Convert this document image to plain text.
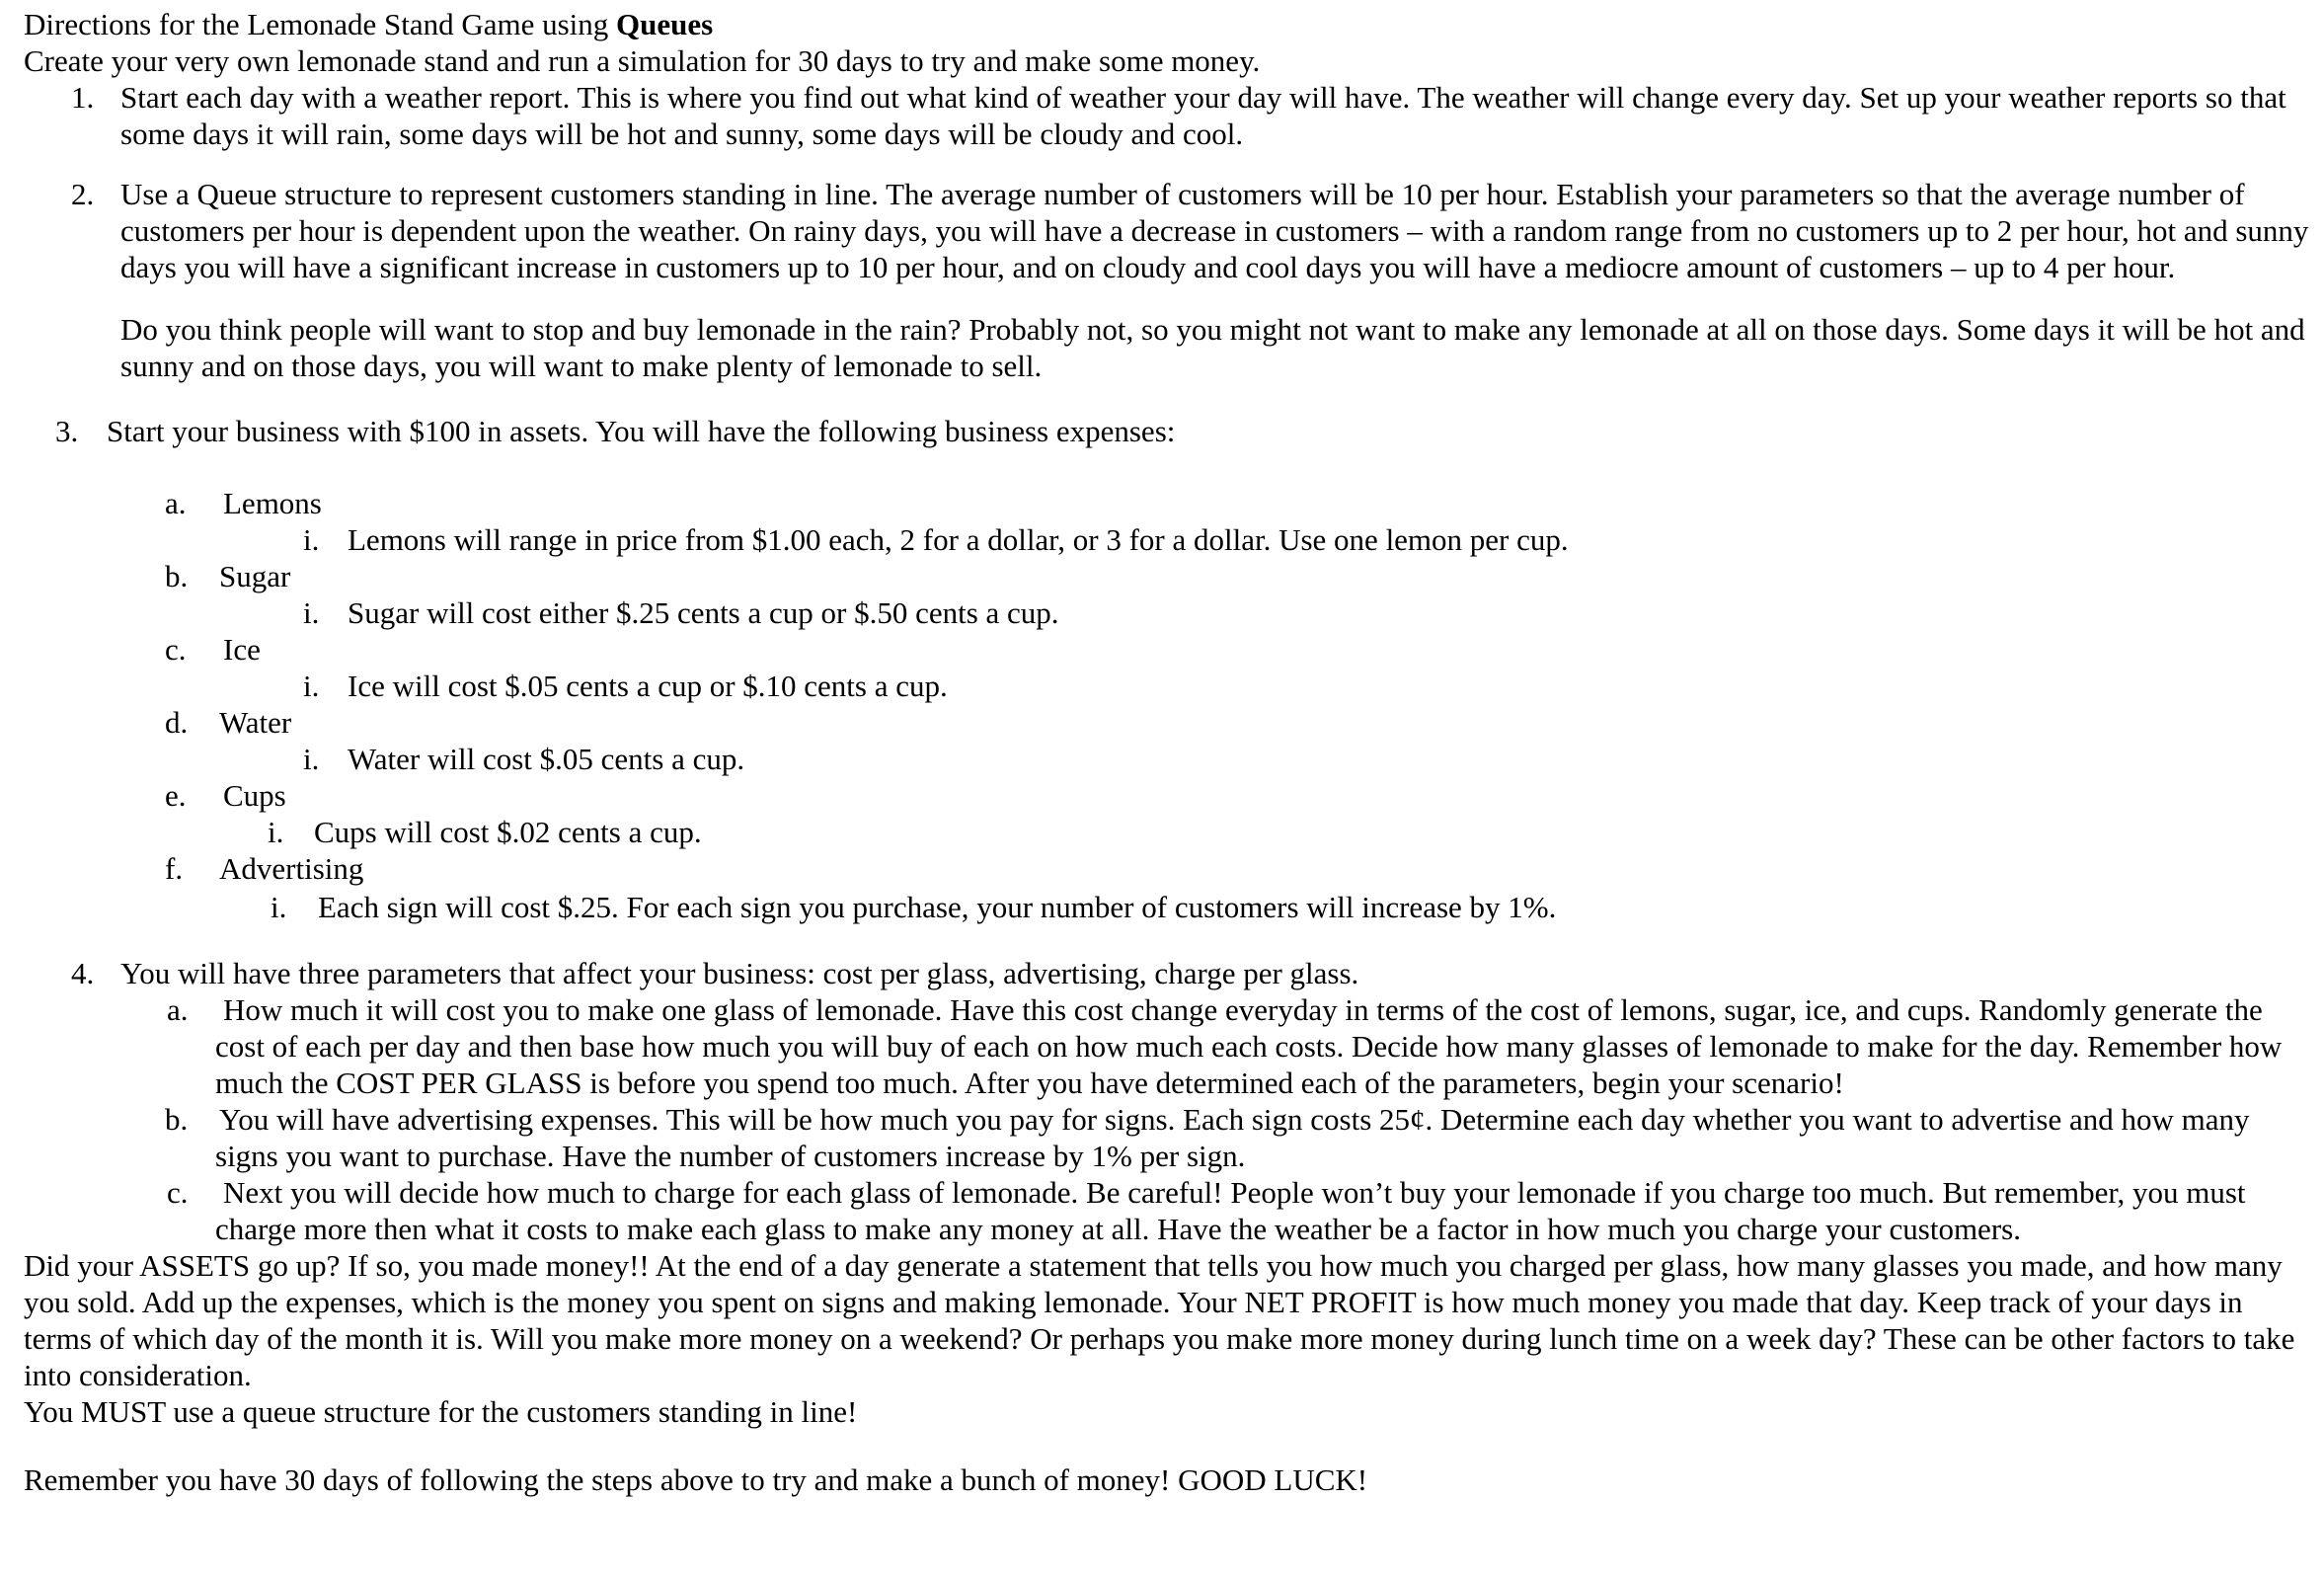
Directions for the Lemonade Stand Game using Queues

Create your very own lemonade stand and run a simulation for 30 days to try and make some money.

1. Start each day with a weather report. This is where you find out what kind of weather your day will have. The weather will change every day. Set up your weather reports so that some days it will rain, some days will be hot and sunny, some days will be cloudy and cool.

2. Use a Queue structure to represent customers standing in line. The average number of customers will be 10 per hour. Establish your parameters so that the average number of customers per hour is dependent upon the weather. On rainy days, you will have a decrease in customers – with a random range from no customers up to 2 per hour, hot and sunny days you will have a significant increase in customers up to 10 per hour, and on cloudy and cool days you will have a mediocre amount of customers – up to 4 per hour.

Do you think people will want to stop and buy lemonade in the rain? Probably not, so you might not want to make any lemonade at all on those days. Some days it will be hot and sunny and on those days, you will want to make plenty of lemonade to sell.

3. Start your business with $100 in assets. You will have the following business expenses:

a. Lemons

i. Lemons will range in price from $1.00 each, 2 for a dollar, or 3 for a dollar. Use one lemon per cup.

b. Sugar

i. Sugar will cost either $.25 cents a cup or $.50 cents a cup.

c. Ice

i. Ice will cost $.05 cents a cup or $.10 cents a cup.

d. Water

i. Water will cost $.05 cents a cup.

e. Cups

i. Cups will cost $.02 cents a cup.

f. Advertising

i. Each sign will cost $.25. For each sign you purchase, your number of customers will increase by 1%.

4. You will have three parameters that affect your business: cost per glass, advertising, charge per glass.

a. How much it will cost you to make one glass of lemonade. Have this cost change everyday in terms of the cost of lemons, sugar, ice, and cups. Randomly generate the cost of each per day and then base how much you will buy of each on how much each costs. Decide how many glasses of lemonade to make for the day. Remember how much the COST PER GLASS is before you spend too much. After you have determined each of the parameters, begin your scenario!

b. You will have advertising expenses. This will be how much you pay for signs. Each sign costs 25¢. Determine each day whether you want to advertise and how many signs you want to purchase. Have the number of customers increase by 1% per sign.

c. Next you will decide how much to charge for each glass of lemonade. Be careful! People won’t buy your lemonade if you charge too much. But remember, you must charge more then what it costs to make each glass to make any money at all. Have the weather be a factor in how much you charge your customers.

Did your ASSETS go up? If so, you made money!! At the end of a day generate a statement that tells you how much you charged per glass, how many glasses you made, and how many you sold. Add up the expenses, which is the money you spent on signs and making lemonade. Your NET PROFIT is how much money you made that day. Keep track of your days in terms of which day of the month it is. Will you make more money on a weekend? Or perhaps you make more money during lunch time on a week day? These can be other factors to take into consideration.

You MUST use a queue structure for the customers standing in line!

Remember you have 30 days of following the steps above to try and make a bunch of money! GOOD LUCK!
